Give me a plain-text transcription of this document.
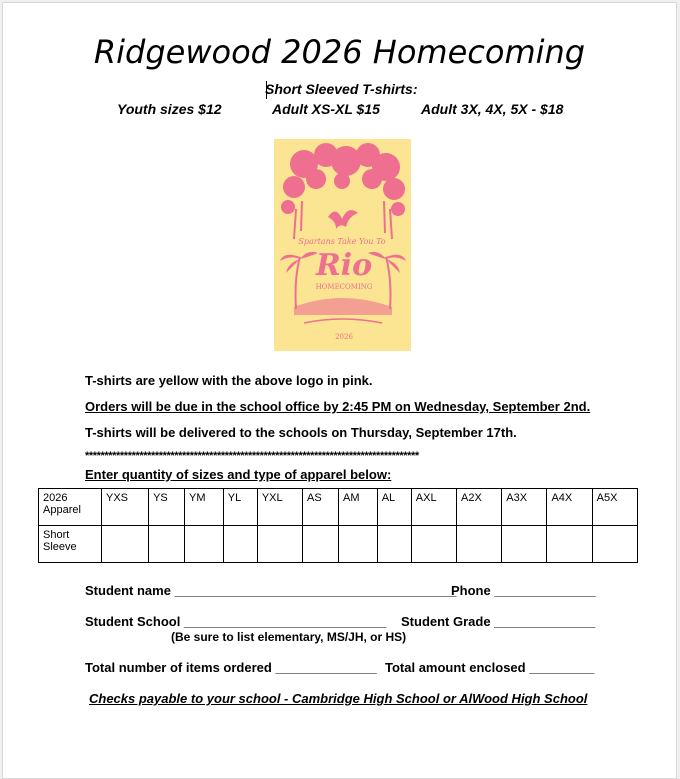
Ridgewood 2026 Homecoming
Short Sleeved T-shirts:
Youth sizes $12	Adult XS-XL $15	Adult 3X, 4X, 5X - $18
Spartans Take You To
Rio
HOMECOMING
2026
T-shirts are yellow with the above logo in pink.
Orders will be due in the school office by 2:45 PM on Wednesday, September 2nd.
T-shirts will be delivered to the schools on Thursday, September 17th.
**************************************************************************************
Enter quantity of sizes and type of apparel below:
2026 Apparel	YXS	YS	YM	YL	YXL	AS	AM	AL	AXL	A2X	A3X	A4X	A5X
Short Sleeve													
Student name _______________________________________
Phone ______________
Student School ____________________________ Student Grade ______________
(Be sure to list elementary, MS/JH, or HS)
Total number of items ordered ______________ Total amount enclosed _________
Checks payable to your school - Cambridge High School or AlWood High School
